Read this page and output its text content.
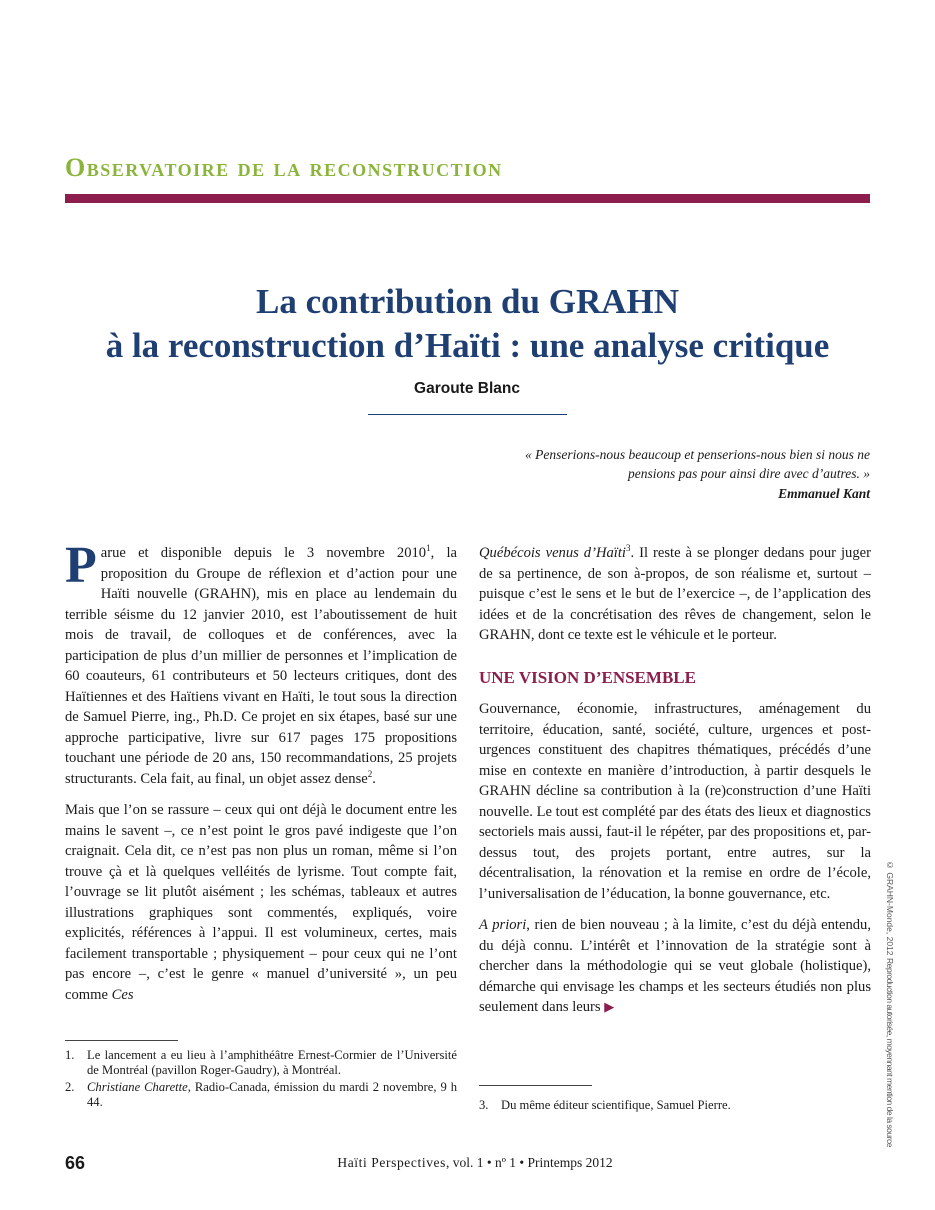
Observatoire de la reconstruction
La contribution du GRAHN
à la reconstruction d’Haïti : une analyse critique
Garoute Blanc
« Penserions-nous beaucoup et penserions-nous bien si nous ne
pensions pas pour ainsi dire avec d’autres. »
Emmanuel Kant

Parue et disponible depuis le 3 novembre 2010$^1$, la proposition du Groupe de réflexion et d’action pour une Haïti nouvelle (GRAHN), mis en place au lendemain du terrible séisme du 12 janvier 2010, est l’aboutissement de huit mois de travail, de colloques et de conférences, avec la participation de plus d’un millier de personnes et l’implication de 60 coauteurs, 61 contributeurs et 50 lecteurs critiques, dont des Haïtiennes et des Haïtiens vivant en Haïti, le tout sous la direction de Samuel Pierre, ing., Ph.D. Ce projet en six étapes, basé sur une approche participative, livre sur 617 pages 175 propositions touchant une période de 20 ans, 150 recommandations, 25 projets structurants. Cela fait, au final, un objet assez dense$^2$.

Mais que l’on se rassure – ceux qui ont déjà le document entre les mains le savent –, ce n’est point le gros pavé indigeste que l’on craignait. Cela dit, ce n’est pas non plus un roman, même si l’on trouve çà et là quelques velléités de lyrisme. Tout compte fait, l’ouvrage se lit plutôt aisément ; les schémas, tableaux et autres illustrations graphiques sont commentés, expliqués, voire explicités, références à l’appui. Il est volumineux, certes, mais facilement transportable ; physiquement – pour ceux qui ne l’ont pas encore –, c’est le genre « manuel d’université », un peu comme Ces

Québécois venus d’Haïti$^3$. Il reste à se plonger dedans pour juger de sa pertinence, de son à-propos, de son réalisme et, surtout – puisque c’est le sens et le but de l’exercice –, de l’application des idées et de la concrétisation des rêves de changement, selon le GRAHN, dont ce texte est le véhicule et le porteur.

UNE VISION D’ENSEMBLE

Gouvernance, économie, infrastructures, aménagement du territoire, éducation, santé, société, culture, urgences et post-urgences constituent des chapitres thématiques, précédés d’une mise en contexte en manière d’introduction, à partir desquels le GRAHN décline sa contribution à la (re)construction d’une Haïti nouvelle. Le tout est complété par des états des lieux et diagnostics sectoriels mais aussi, faut-il le répéter, par des propositions et, par-dessus tout, des projets portant, entre autres, sur la décentralisation, la rénovation et la remise en ordre de l’école, l’universalisation de l’éducation, la bonne gouvernance, etc.

A priori, rien de bien nouveau ; à la limite, c’est du déjà entendu, du déjà connu. L’intérêt et l’innovation de la stratégie sont à chercher dans la méthodologie qui se veut globale (holistique), démarche qui envisage les champs et les secteurs étudiés non plus seulement dans leurs ▶

1. Le lancement a eu lieu à l’amphithéâtre Ernest-Cormier de l’Université de Montréal (pavillon Roger-Gaudry), à Montréal.
2. Christiane Charette, Radio-Canada, émission du mardi 2 novembre, 9 h 44.	3. Du même éditeur scientifique, Samuel Pierre.
66	Haïti Perspectives, vol. 1 • nº 1 • Printemps 2012
© GRAHN-Monde, 2012 Reproduction autorisée, moyennant mention de la source
